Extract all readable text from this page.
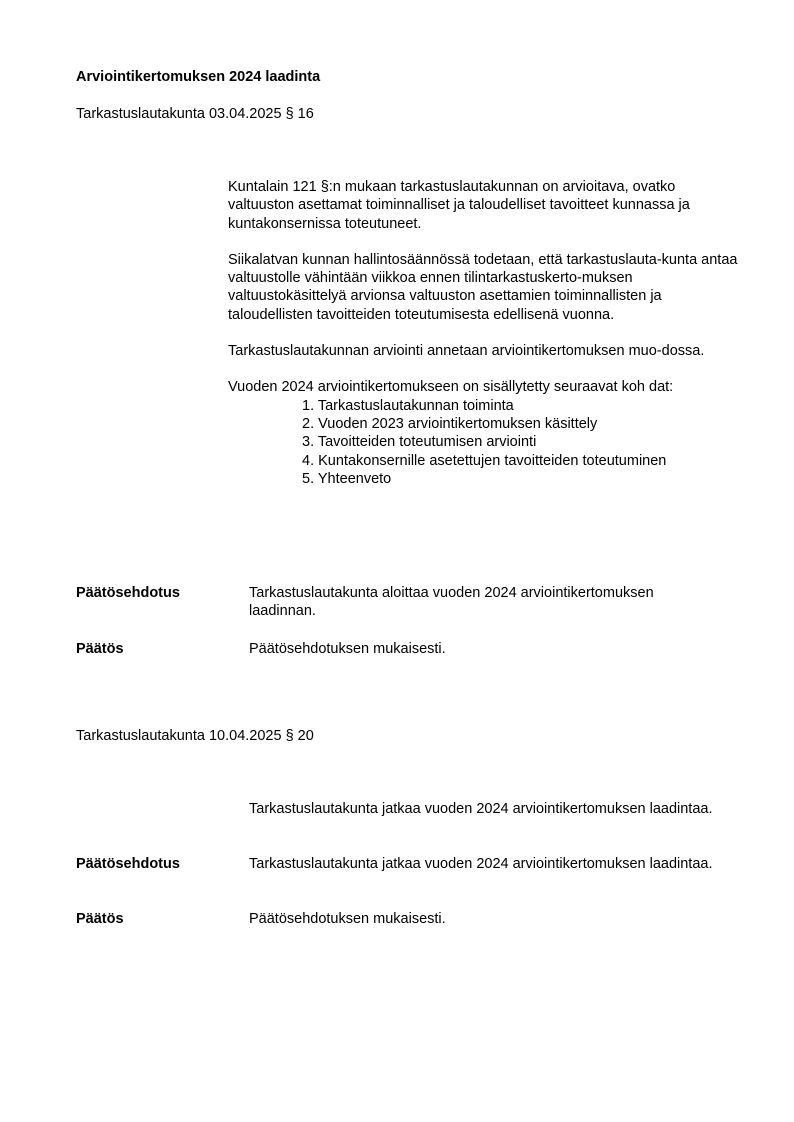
Arviointikertomuksen 2024 laadinta
Tarkastuslautakunta 03.04.2025 § 16

Kuntalain 121 §:n mukaan tarkastuslautakunnan on arvioitava, ovatko valtuuston asettamat toiminnalliset ja taloudelliset tavoitteet kunnassa ja kuntakonsernissa toteutuneet.

Siikalatvan kunnan hallintosäännössä todetaan, että tarkastuslauta-kunta antaa valtuustolle vähintään viikkoa ennen tilintarkastuskerto-muksen valtuustokäsittelyä arvionsa valtuuston asettamien toiminnallisten ja taloudellisten tavoitteiden toteutumisesta edellisenä vuonna.

Tarkastuslautakunnan arviointi annetaan arviointikertomuksen muo-dossa.

Vuoden 2024 arviointikertomukseen on sisällytetty seuraavat koh dat:

1. Tarkastuslautakunnan toiminta
2. Vuoden 2023 arviointikertomuksen käsittely
3. Tavoitteiden toteutumisen arviointi
4. Kuntakonsernille asetettujen tavoitteiden toteutuminen
5. Yhteenveto
Päätösehdotus	Tarkastuslautakunta aloittaa vuoden 2024 arviointikertomuksen laadinnan.
Päätös	Päätösehdotuksen mukaisesti.
Tarkastuslautakunta 10.04.2025 § 20
Tarkastuslautakunta jatkaa vuoden 2024 arviointikertomuksen laadintaa.
Päätösehdotus	Tarkastuslautakunta jatkaa vuoden 2024 arviointikertomuksen laadintaa.
Päätös	Päätösehdotuksen mukaisesti.
